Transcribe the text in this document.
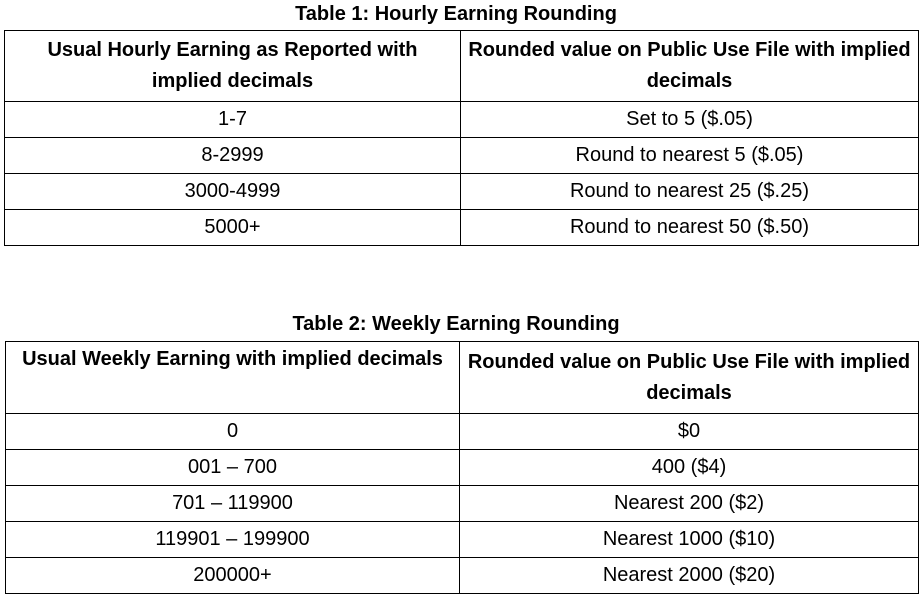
Table 1: Hourly Earning Rounding
Usual Hourly Earning as Reported with implied decimals	Rounded value on Public Use File with implied decimals
1-7	Set to 5 ($.05)
8-2999	Round to nearest 5 ($.05)
3000-4999	Round to nearest 25 ($.25)
5000+	Round to nearest 50 ($.50)
Table 2: Weekly Earning Rounding
Usual Weekly Earning with implied decimals	Rounded value on Public Use File with implied decimals
0	$0
001 – 700	400 ($4)
701 – 119900	Nearest 200 ($2)
119901 – 199900	Nearest 1000 ($10)
200000+	Nearest 2000 ($20)
